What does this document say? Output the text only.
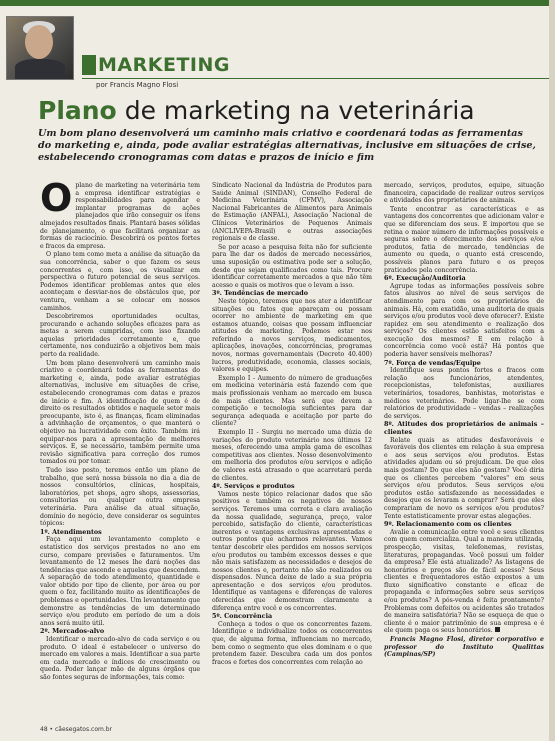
MARKETING
por Francis Magno Flosi
Plano de marketing na veterinária
Um bom plano desenvolverá um caminho mais criativo e coordenará todas as ferramentas do marketing e, ainda, pode avaliar estratégias alternativas, inclusive em situações de crise, estabelecendo cronogramas com datas e prazos de início e fim

Oplano de marketing na veterinária tem a empresa identificar estratégias e responsabilidades para agendar e implantar programas de ações planejados que irão conseguir os itens almejados resultados finais. Plantará bases sólidas de planejamento, o que facilitará organizar as formas de raciocínio. Descobrirá os pontos fortes e fracos da empresa.

O plano tem como meta a análise da situação da sua concorrência, saber o que fazem os seus concorrentes e, com isso, os visualizar em perspectiva o futuro potencial de seus serviços. Podemos identificar problemas antes que eles aconteçam e desviar-nos de obstáculos que, por ventura, venham a se colocar em nossos caminhos.

Descobriremos oportunidades ocultas, procurando e achando soluções eficazes para as metas a serem cumpridas, com isso fixando aquelas prioridades corretamente e, que certamente, nos conduzirão a objetivos bem mais perto da realidade.

Um bom plano desenvolverá um caminho mais criativo e coordenará todas as ferramentas do marketing e, ainda, pode avaliar estratégias alternativas, inclusive em situações de crise, estabelecendo cronogramas com datas e prazos de início e fim. A identificação de quem é de direito os resultados obtidos e naquele setor mais preocupante, isto é, as finanças, ficam eliminadas a advinhação de orçamentos, o que manterá o objetivo na lucratividade com êxito. Também irá equipar-nos para a apresentação de melhores serviços. E, se necessário, também permite uma revisão significativa para correção dos rumos tomados ou por tomar.

Tudo isso posto, teremos então um plano de trabalho, que será nossa bússola no dia a dia de nossos consultórios, clínicas, hospitais, laboratórios, pet shops, agro shops, assessorias, consultorias ou qualquer outra empresa veterinária. Para análise da atual situação, domínio do negócio, deve considerar os seguintes tópicos:

1º. Atendimentos

Faça aqui um levantamento completo e estatístico dos serviços prestados no ano em curso, compare previsões e faturamentos. Um levantamento de 12 meses lhe dará noções das tendências que ascende e aquelas que descendem. A separação de todo atendimento, quantidade e valor obtido por tipo de cliente, por área ou por quem o fez, facilitando muito as identificações de problemas e oportunidades. Um levantamento que demonstre as tendências de um determinado serviço e/ou produto em período de um a dois anos será muito útil.

2º. Mercados-alvo

Identificar o mercado-alvo de cada serviço e ou produto. O ideal é estabelecer o universo do mercado em valores a mais. Identificar a sua parte em cada mercado e índices de crescimento ou queda. Poder lançar mão de alguns órgãos que são fontes seguras de informações, tais como:

Sindicato Nacional da Indústria de Produtos para Saúde Animal (SINDAN), Conselho Federal de Medicina Veterinária (CFMV), Associação Nacional Fabricantes de Alimentos para Animais de Estimação (ANFAL), Associação Nacional de Clínicos Veterinários de Pequenos Animais (ANCLIVEPA-Brasil) e outras associações regionais e de classe.

Se por acaso a pesquisa feita não for suficiente para lhe dar os dados de mercado necessários, uma suposição ou estimativa pode ser a solução, desde que sejam qualificados como tais. Procure identificar corretamente mercados a que não têm acesso e quais os motivos que o levam a isso.

3º. Tendências de mercado

Neste tópico, teremos que nos ater a identificar situações ou fatos que apareçam ou possam ocorrer no ambiente de marketing em que estamos atuando, coisas que possam influenciar atitudes de marketing. Podemos estar nos referindo a novos serviços, medicamentos, aplicações, inovações, concorrências, programas novos, normas governamentais (Decreto 40.400) lucros, produtividade, economia, classes sociais, valores e equipes.

Exemplo I - Aumento do número de graduações em medicina veterinária está fazendo com que mais profissionais venham ao mercado em busca de mais clientes. Mas será que devem a competição e tecnologia suficientes para dar segurança adequada e aceitação por parte do cliente?

Exemplo II - Surgiu no mercado uma dúzia de variações do produto veterinário nos últimos 12 meses, oferecendo uma ampla gama de escolhas competitivas aos clientes. Nosso desenvolvimento em melhoria dos produtos e/ou serviços e adição de valores está atrasado o que acarretará perda de clientes.

4º. Serviços e produtos

Vamos neste tópico relacionar dados que são positivos e também os negativos de nossos serviços. Teremos uma correta e clara avaliação da nossa qualidade, segurança, preço, valor percebido, satisfação do cliente, características inerentes e vantagens exclusivas apresentadas e outros pontos que acharmos relevantes. Vamos tentar descobrir eles perdidos em nossos serviços e/ou produtos ou também excessos desses e que não mais satisfazem as necessidades e desejos de nossos clientes e, portanto não são realizados ou dispensados. Nunca deixe de lado a sua própria apresentação e dos serviços e/ou produtos. Identifique as vantagens e diferenças de valores oferecidas que demonstram claramente a diferença entre você e os concorrentes.

5º. Concorrência

Conheça a todos o que os concorrentes fazem. Identifique e individualize todos os concorrentes que, de alguma forma, influenciam no mercado, bem como o segmento que eles dominam e o que pretendem fazer. Descubra cada um dos pontos fracos e fortes dos concorrentes com relação ao

mercado, serviços, produtos, equipe, situação financeira, capacidade de realizar outros serviços e atividades dos proprietários de animais.

Tente encontrar as características e as vantagens dos concorrentes que adicionam valor e que se diferenciam dos seus. E importou que se retina o maior número de informações possíveis e seguras sobre o oferecimento dos serviços e/ou produtos, fatia de mercado, tendências de aumento ou queda, o quanto está crescendo, possíveis planos para futuro e os preços praticados pela concorrência.

6º. Execução/Auditoria

Agrupe todas as informações possíveis sobre fatos alusivos ao nível de seus serviços de atendimento para com os proprietários de animais. Há, com exatidão, uma auditoria de quais serviços e/ou produtos você deve oferecer?. Existe rapidez em seu atendimento e realização dos serviços? Os clientes estão satisfeitos com a execução dos mesmos? E em relação à concorrência como você está? Há pontos que poderia haver sensíveis melhoras?

7º. Força de vendas/Equipe

Identifique seus pontos fortes e fracos com relação aos funcionários, atendentes, recepcionistas, telefonistas, auxiliares veterinários, tosadores, banhistas, motoristas e médicos veterinários. Pode ligar-lhe se com relatórios de produtividade – vendas – realizações de serviços.

8º. Atitudes dos proprietários de animais – clientes

Relate quais as atitudes desfavoráveis e favoráveis dos clientes em relação à sua empresa e aos seus serviços e/ou produtos. Estas atividades ajudam ou só prejudicam. De que eles mais gostam? Do que eles não gostam? Você diria que os clientes percebem "valores" em seus serviços e/ou produtos. Seus serviços e/ou produtos estão satisfazendo as necessidades e desejos que os levaram a comprar? Será que eles comprariam de novo os serviços e/ou produtos? Tente estatisticamente provar estas alegações.

9º. Relacionamento com os clientes

Avalie a comunicação entre você e seus clientes com quem comercializa. Qual a maneira utilizada, prospecção, visitas, telefonemas, revistas, literaturas, propagandas. Você possui um folder da empresa? Ele está atualizado? As listagens de honorários e preços são de fácil acesso? Seus clientes e frequentadores estão expostos a um fluxo significativo constante e eficaz de propaganda e informações sobre seus serviços e/ou produtos? A pós-venda é feita prontamente? Problemas com defeitos ou acidentes são tratados de maneira satisfatória? Não se esqueça de que o cliente é o maior patrimônio de sua empresa e é ele quem paga os seus honorários.

Francis Magno Flosi, diretor corporativo e professor do Instituto Qualittas (Campinas/SP)

48 • cãesegatos.com.br
